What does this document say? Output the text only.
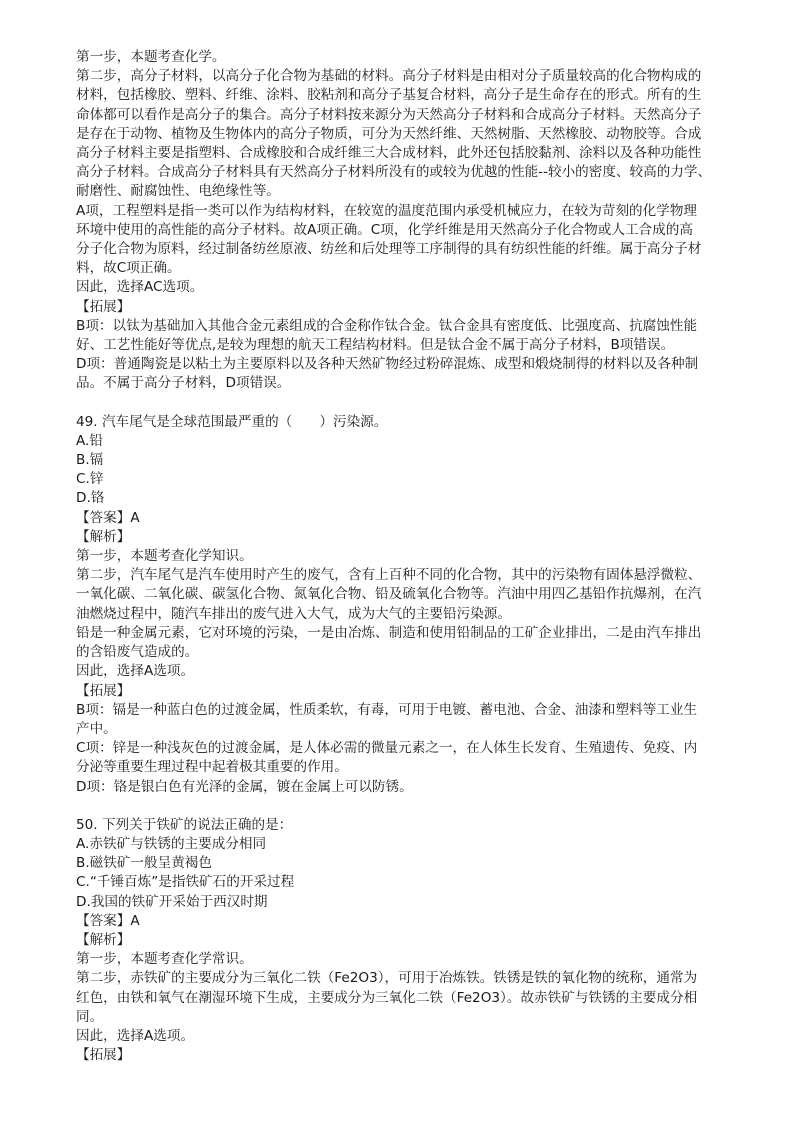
第一步，本题考查化学。
第二步，高分子材料，以高分子化合物为基础的材料。高分子材料是由相对分子质量较高的化合物构成的
材料，包括橡胶、塑料、纤维、涂料、胶粘剂和高分子基复合材料，高分子是生命存在的形式。所有的生
命体都可以看作是高分子的集合。高分子材料按来源分为天然高分子材料和合成高分子材料。天然高分子
是存在于动物、植物及生物体内的高分子物质，可分为天然纤维、天然树脂、天然橡胶、动物胶等。合成
高分子材料主要是指塑料、合成橡胶和合成纤维三大合成材料，此外还包括胶黏剂、涂料以及各种功能性
高分子材料。合成高分子材料具有天然高分子材料所没有的或较为优越的性能--较小的密度、较高的力学、
耐磨性、耐腐蚀性、电绝缘性等。
A项，工程塑料是指一类可以作为结构材料，在较宽的温度范围内承受机械应力，在较为苛刻的化学物理
环境中使用的高性能的高分子材料。故A项正确。C项，化学纤维是用天然高分子化合物或人工合成的高
分子化合物为原料，经过制备纺丝原液、纺丝和后处理等工序制得的具有纺织性能的纤维。属于高分子材
料，故C项正确。
因此，选择AC选项。
【拓展】
B项：以钛为基础加入其他合金元素组成的合金称作钛合金。钛合金具有密度低、比强度高、抗腐蚀性能
好、工艺性能好等优点,是较为理想的航天工程结构材料。但是钛合金不属于高分子材料，B项错误。
D项：普通陶瓷是以粘土为主要原料以及各种天然矿物经过粉碎混炼、成型和煅烧制得的材料以及各种制
品。不属于高分子材料，D项错误。
49. 汽车尾气是全球范围最严重的（　　）污染源。
A.铅
B.镉
C.锌
D.铬
【答案】A
【解析】
第一步，本题考查化学知识。
第二步，汽车尾气是汽车使用时产生的废气，含有上百种不同的化合物，其中的污染物有固体悬浮微粒、
一氧化碳、二氧化碳、碳氢化合物、氮氧化合物、铅及硫氧化合物等。汽油中用四乙基铅作抗爆剂，在汽
油燃烧过程中，随汽车排出的废气进入大气，成为大气的主要铅污染源。
铅是一种金属元素，它对环境的污染，一是由冶炼、制造和使用铅制品的工矿企业排出，二是由汽车排出
的含铅废气造成的。
因此，选择A选项。
【拓展】
B项：镉是一种蓝白色的过渡金属，性质柔软，有毒，可用于电镀、蓄电池、合金、油漆和塑料等工业生
产中。
C项：锌是一种浅灰色的过渡金属，是人体必需的微量元素之一，在人体生长发育、生殖遗传、免疫、内
分泌等重要生理过程中起着极其重要的作用。
D项：铬是银白色有光泽的金属，镀在金属上可以防锈。
50. 下列关于铁矿的说法正确的是：
A.赤铁矿与铁锈的主要成分相同
B.磁铁矿一般呈黄褐色
C.“千锤百炼”是指铁矿石的开采过程
D.我国的铁矿开采始于西汉时期
【答案】A
【解析】
第一步，本题考查化学常识。
第二步，赤铁矿的主要成分为三氧化二铁（Fe2O3），可用于冶炼铁。铁锈是铁的氧化物的统称，通常为
红色，由铁和氧气在潮湿环境下生成，主要成分为三氧化二铁（Fe2O3）。故赤铁矿与铁锈的主要成分相
同。
因此，选择A选项。
【拓展】
